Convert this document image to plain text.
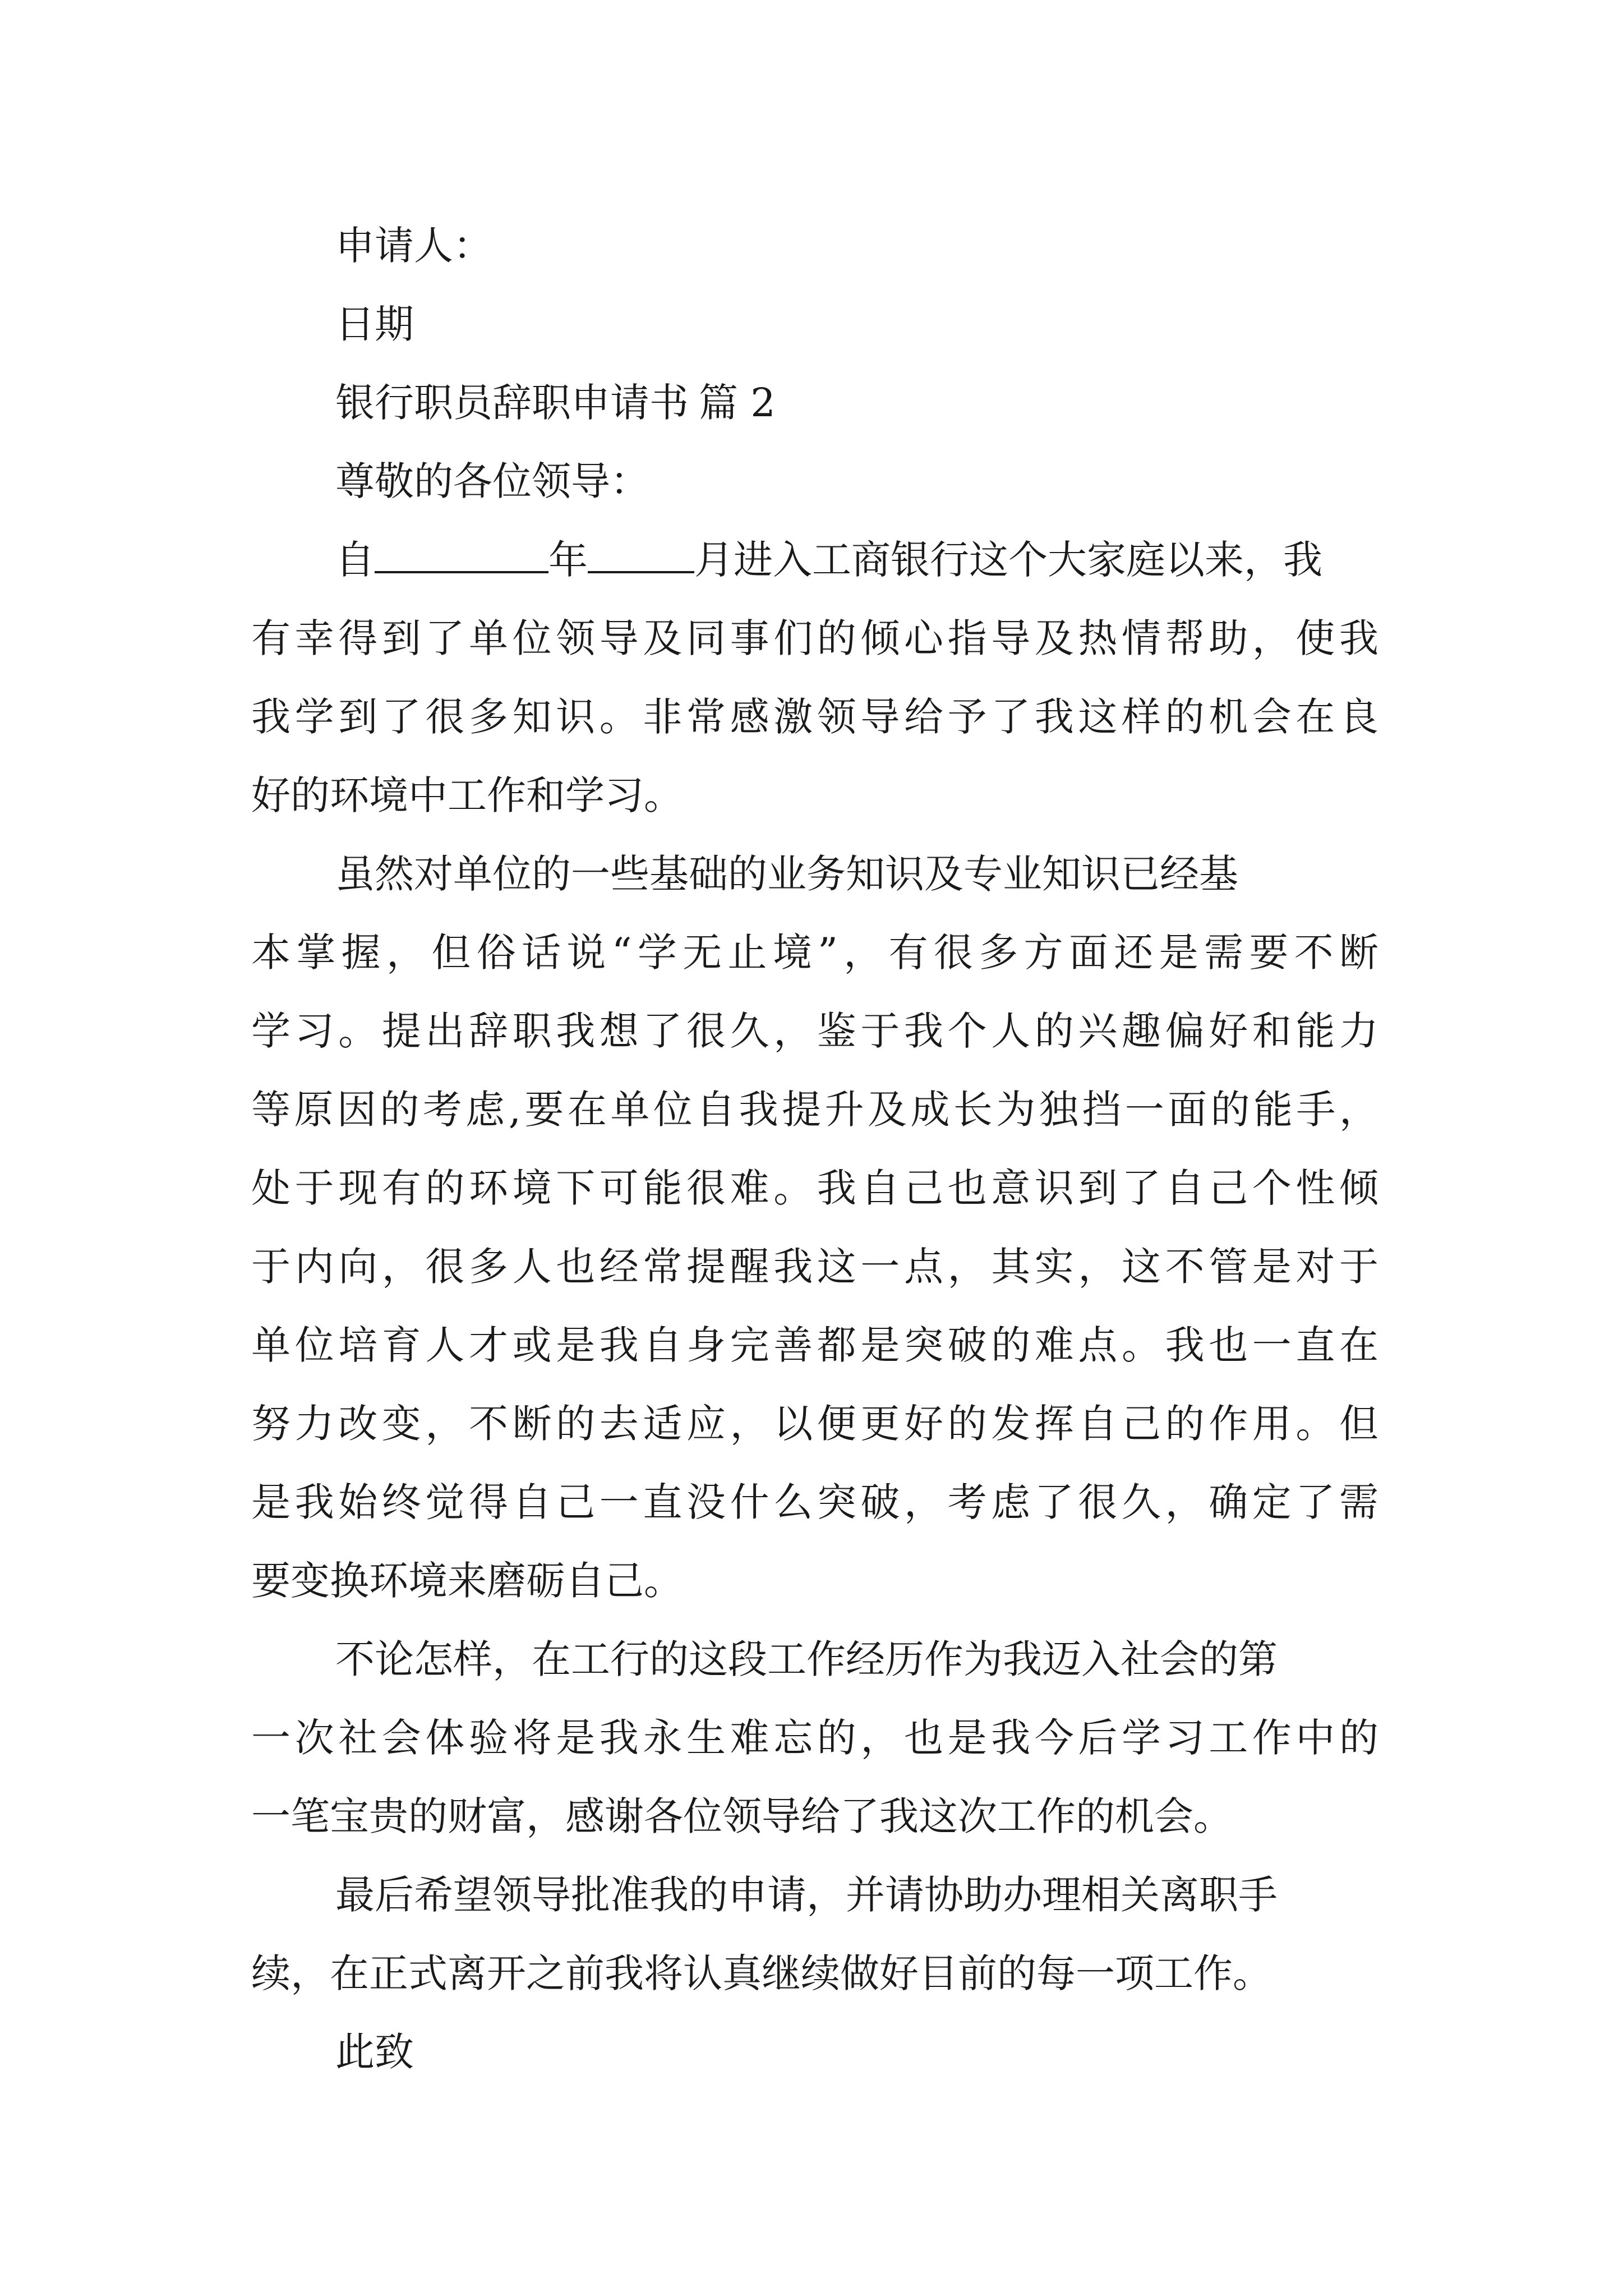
申请人：
日期
银行职员辞职申请书 篇 2
尊敬的各位领导：
自	年	月进入工商银行这个大家庭以来，我
有幸得到了单位领导及同事们的倾心指导及热情帮助，使我
我学到了很多知识。非常感激领导给予了我这样的机会在良
好的环境中工作和学习。
虽然对单位的一些基础的业务知识及专业知识已经基
本掌握，但俗话说“学无止境”，有很多方面还是需要不断
学习。提出辞职我想了很久，鉴于我个人的兴趣偏好和能力
等原因的考虑,要在单位自我提升及成长为独挡一面的能手，
处于现有的环境下可能很难。我自己也意识到了自己个性倾
于内向，很多人也经常提醒我这一点，其实，这不管是对于
单位培育人才或是我自身完善都是突破的难点。我也一直在
努力改变，不断的去适应，以便更好的发挥自己的作用。但
是我始终觉得自己一直没什么突破，考虑了很久，确定了需
要变换环境来磨砺自己。
不论怎样，在工行的这段工作经历作为我迈入社会的第
一次社会体验将是我永生难忘的，也是我今后学习工作中的
一笔宝贵的财富，感谢各位领导给了我这次工作的机会。
最后希望领导批准我的申请，并请协助办理相关离职手
续，在正式离开之前我将认真继续做好目前的每一项工作。
此致
